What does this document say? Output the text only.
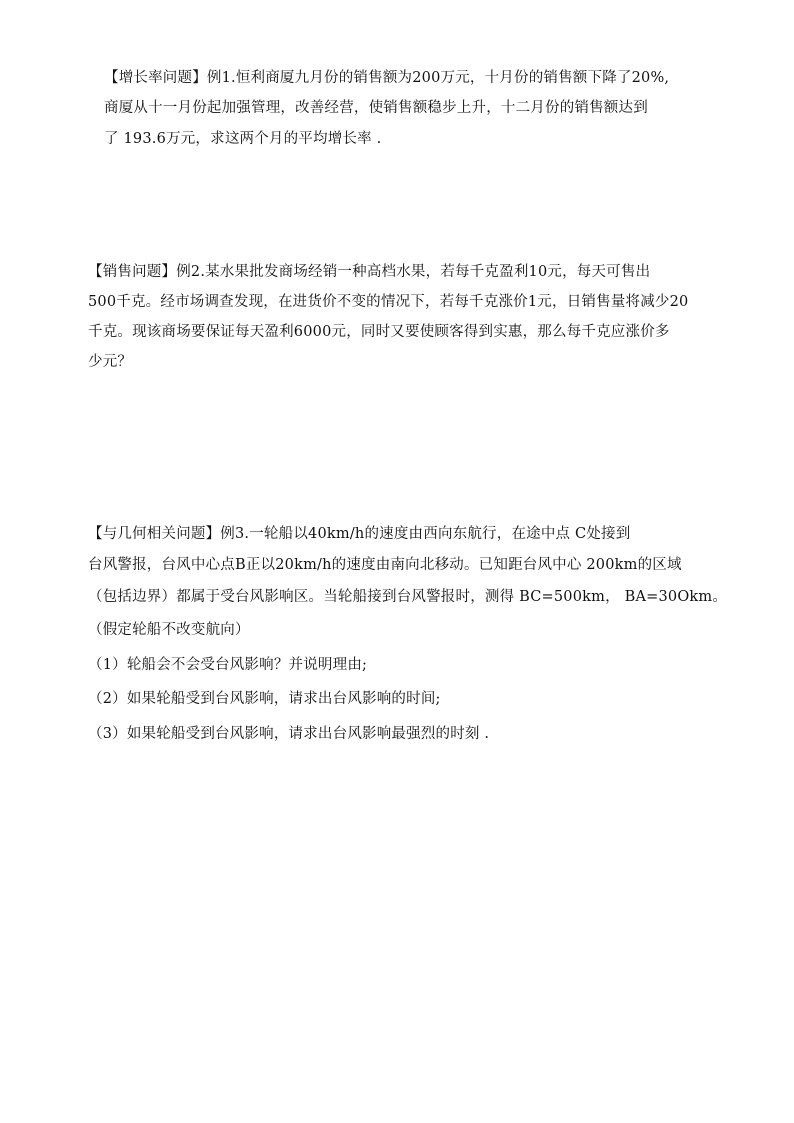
【增长率问题】例1.恒利商厦九月份的销售额为200万元，十月份的销售额下降了20%,
商厦从十一月份起加强管理，改善经营，使销售额稳步上升，十二月份的销售额达到
了 193.6万元，求这两个月的平均增长率 .
【销售问题】例2.某水果批发商场经销一种高档水果，若每千克盈利10元，每天可售出
500千克。经市场调查发现，在进货价不变的情况下，若每千克涨价1元，日销售量将减少20
千克。现该商场要保证每天盈利6000元，同时又要使顾客得到实惠，那么每千克应涨价多
少元？
【与几何相关问题】例3.一轮船以40km/h的速度由西向东航行，在途中点 C处接到
台风警报，台风中心点B正以20km/h的速度由南向北移动。已知距台风中心 200km的区域
（包括边界）都属于受台风影响区。当轮船接到台风警报时，测得 BC=500km， BA=30Okm。
（假定轮船不改变航向）
（1）轮船会不会受台风影响？并说明理由;
（2）如果轮船受到台风影响，请求出台风影响的时间;
（3）如果轮船受到台风影响，请求出台风影响最强烈的时刻 .
